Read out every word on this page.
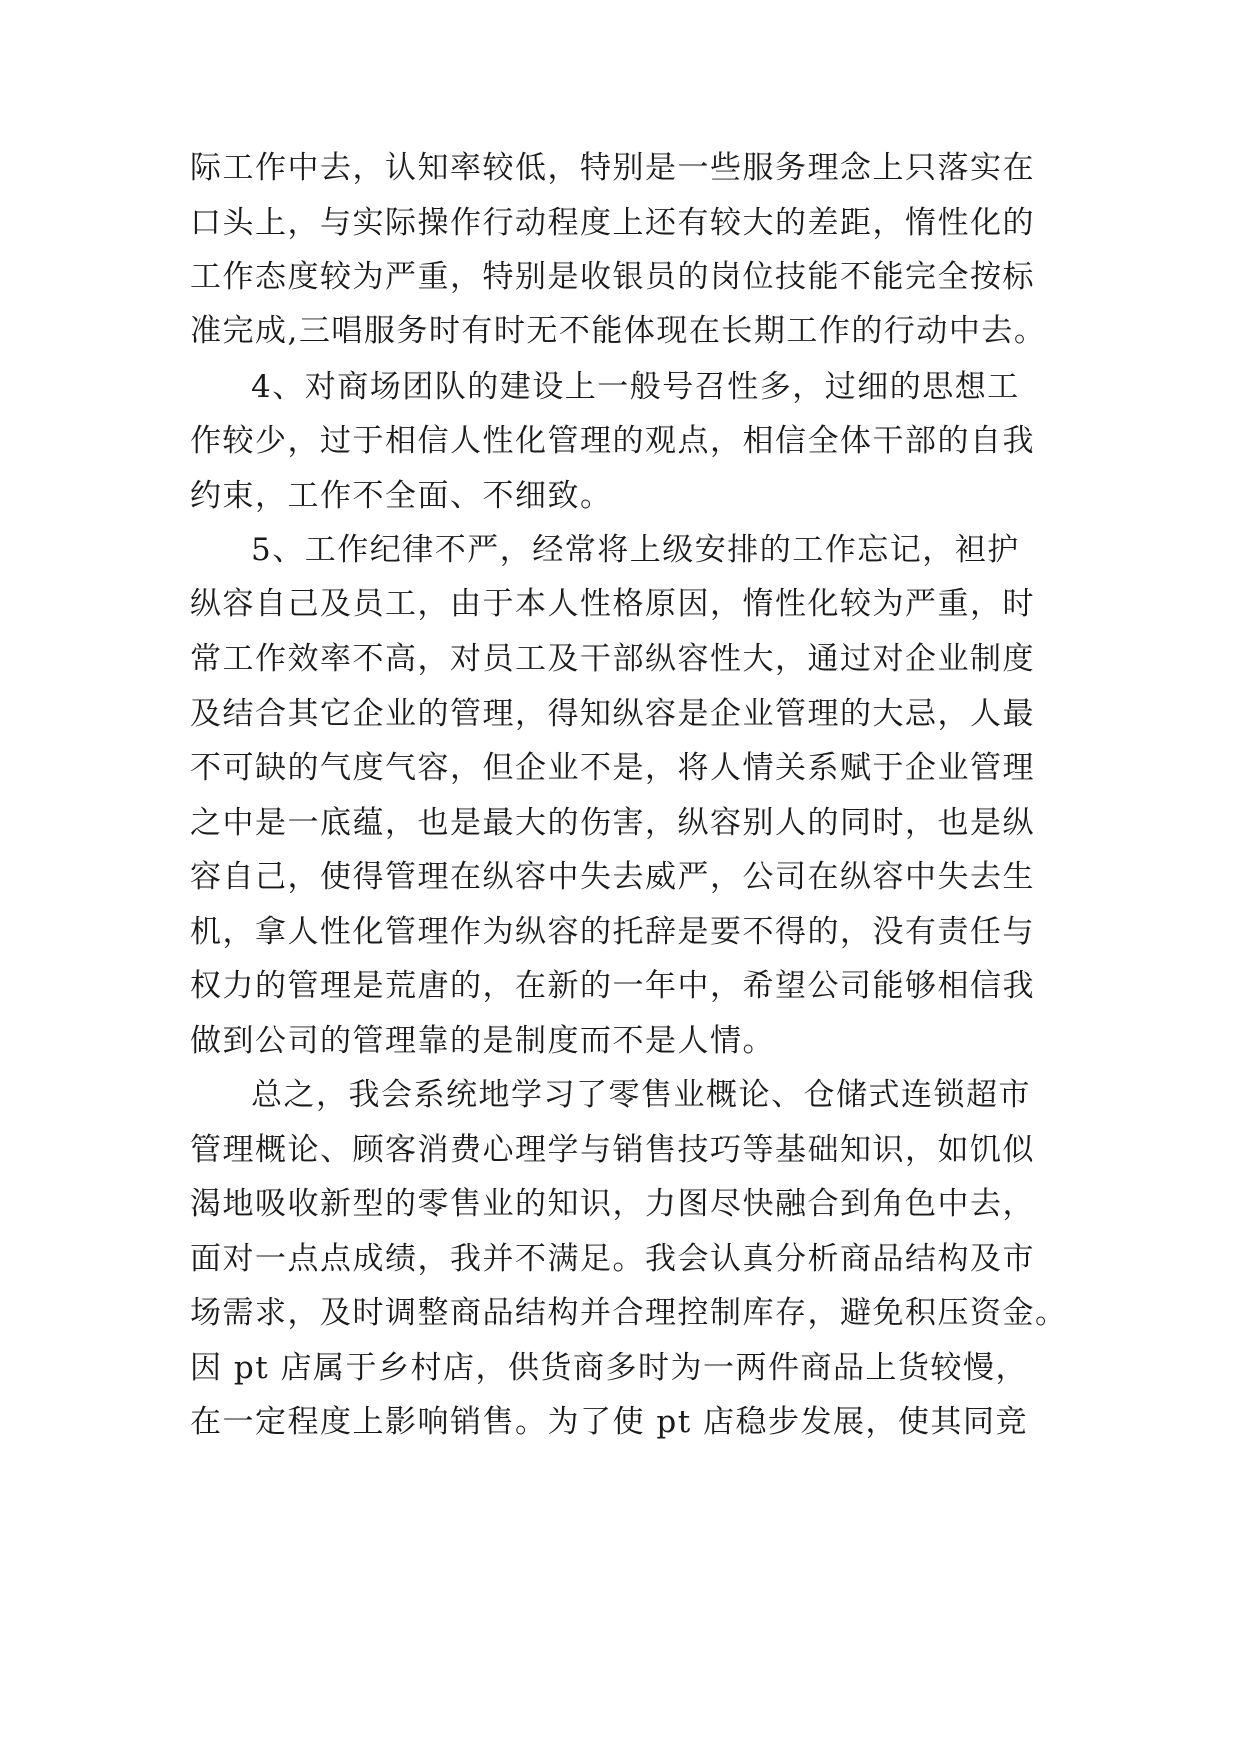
际工作中去，认知率较低，特别是一些服务理念上只落实在
口头上，与实际操作行动程度上还有较大的差距，惰性化的
工作态度较为严重，特别是收银员的岗位技能不能完全按标
准完成,三唱服务时有时无不能体现在长期工作的行动中去。
4、对商场团队的建设上一般号召性多，过细的思想工
作较少，过于相信人性化管理的观点，相信全体干部的自我
约束，工作不全面、不细致。
5、工作纪律不严，经常将上级安排的工作忘记，袒护
纵容自己及员工，由于本人性格原因，惰性化较为严重，时
常工作效率不高，对员工及干部纵容性大，通过对企业制度
及结合其它企业的管理，得知纵容是企业管理的大忌，人最
不可缺的气度气容，但企业不是，将人情关系赋于企业管理
之中是一底蕴，也是最大的伤害，纵容别人的同时，也是纵
容自己，使得管理在纵容中失去威严，公司在纵容中失去生
机，拿人性化管理作为纵容的托辞是要不得的，没有责任与
权力的管理是荒唐的，在新的一年中，希望公司能够相信我
做到公司的管理靠的是制度而不是人情。
总之，我会系统地学习了零售业概论、仓储式连锁超市
管理概论、顾客消费心理学与销售技巧等基础知识，如饥似
渴地吸收新型的零售业的知识，力图尽快融合到角色中去，
面对一点点成绩，我并不满足。我会认真分析商品结构及市
场需求，及时调整商品结构并合理控制库存，避免积压资金。
因 pt 店属于乡村店，供货商多时为一两件商品上货较慢，
在一定程度上影响销售。为了使 pt 店稳步发展，使其同竞
